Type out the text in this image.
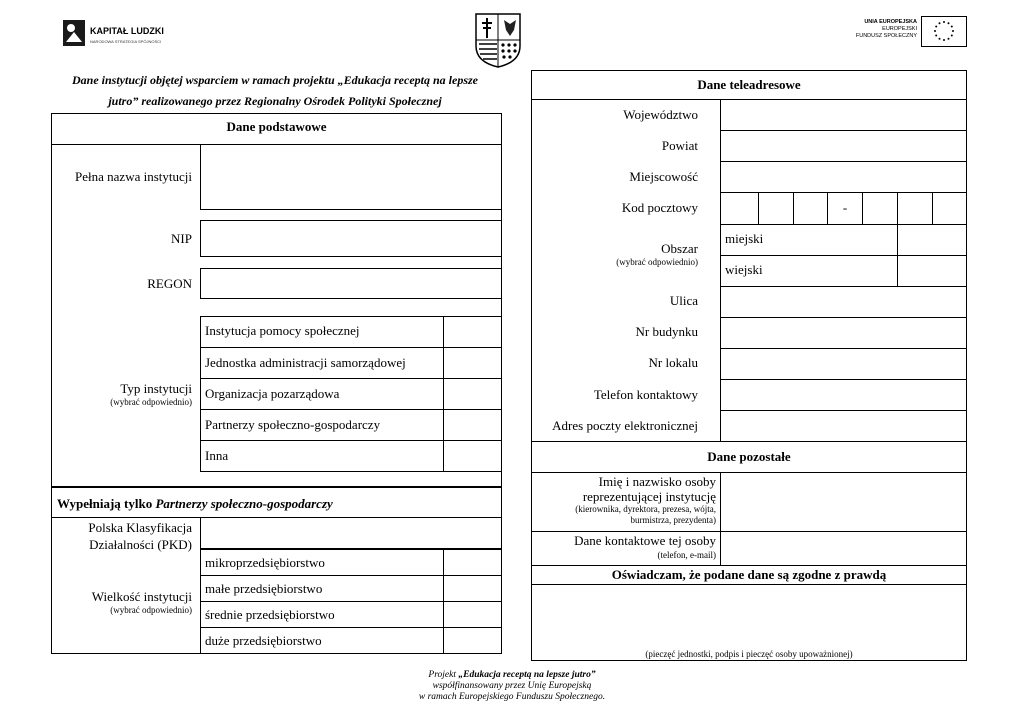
KAPITAŁ LUDZKI
NARODOWA STRATEGIA SPÓJNOŚCI
UNIA EUROPEJSKA
EUROPEJSKI
FUNDUSZ SPOŁECZNY
Dane instytucji objętej wsparciem w ramach projektu „Edukacja receptą na lepsze
jutro” realizowanego przez Regionalny Ośrodek Polityki Społecznej
Dane podstawowe
Pełna nazwa instytucji
NIP
REGON
Typ instytucji
(wybrać odpowiednio)
Instytucja pomocy społecznej
Jednostka administracji samorządowej
Organizacja pozarządowa
Partnerzy społeczno-gospodarczy
Inna
Wypełniają tylko Partnerzy społeczno-gospodarczy
Polska Klasyfikacja
Działalności (PKD)
Wielkość instytucji
(wybrać odpowiednio)
mikroprzedsiębiorstwo
małe przedsiębiorstwo
średnie przedsiębiorstwo
duże przedsiębiorstwo
Dane teleadresowe
Województwo
Powiat
Miejscowość
Kod pocztowy	-
Obszar
(wybrać odpowiednio)
miejski
wiejski
Ulica
Nr budynku
Nr lokalu
Telefon kontaktowy
Adres poczty elektronicznej
Dane pozostałe
Imię i nazwisko osoby
reprezentującej instytucję
(kierownika, dyrektora, prezesa, wójta,
burmistrza, prezydenta)
Dane kontaktowe tej osoby
(telefon, e-mail)
Oświadczam, że podane dane są zgodne z prawdą
(pieczęć jednostki, podpis i pieczęć osoby upoważnionej)
Projekt „Edukacja receptą na lepsze jutro”
współfinansowany przez Unię Europejską
w ramach Europejskiego Funduszu Społecznego.
